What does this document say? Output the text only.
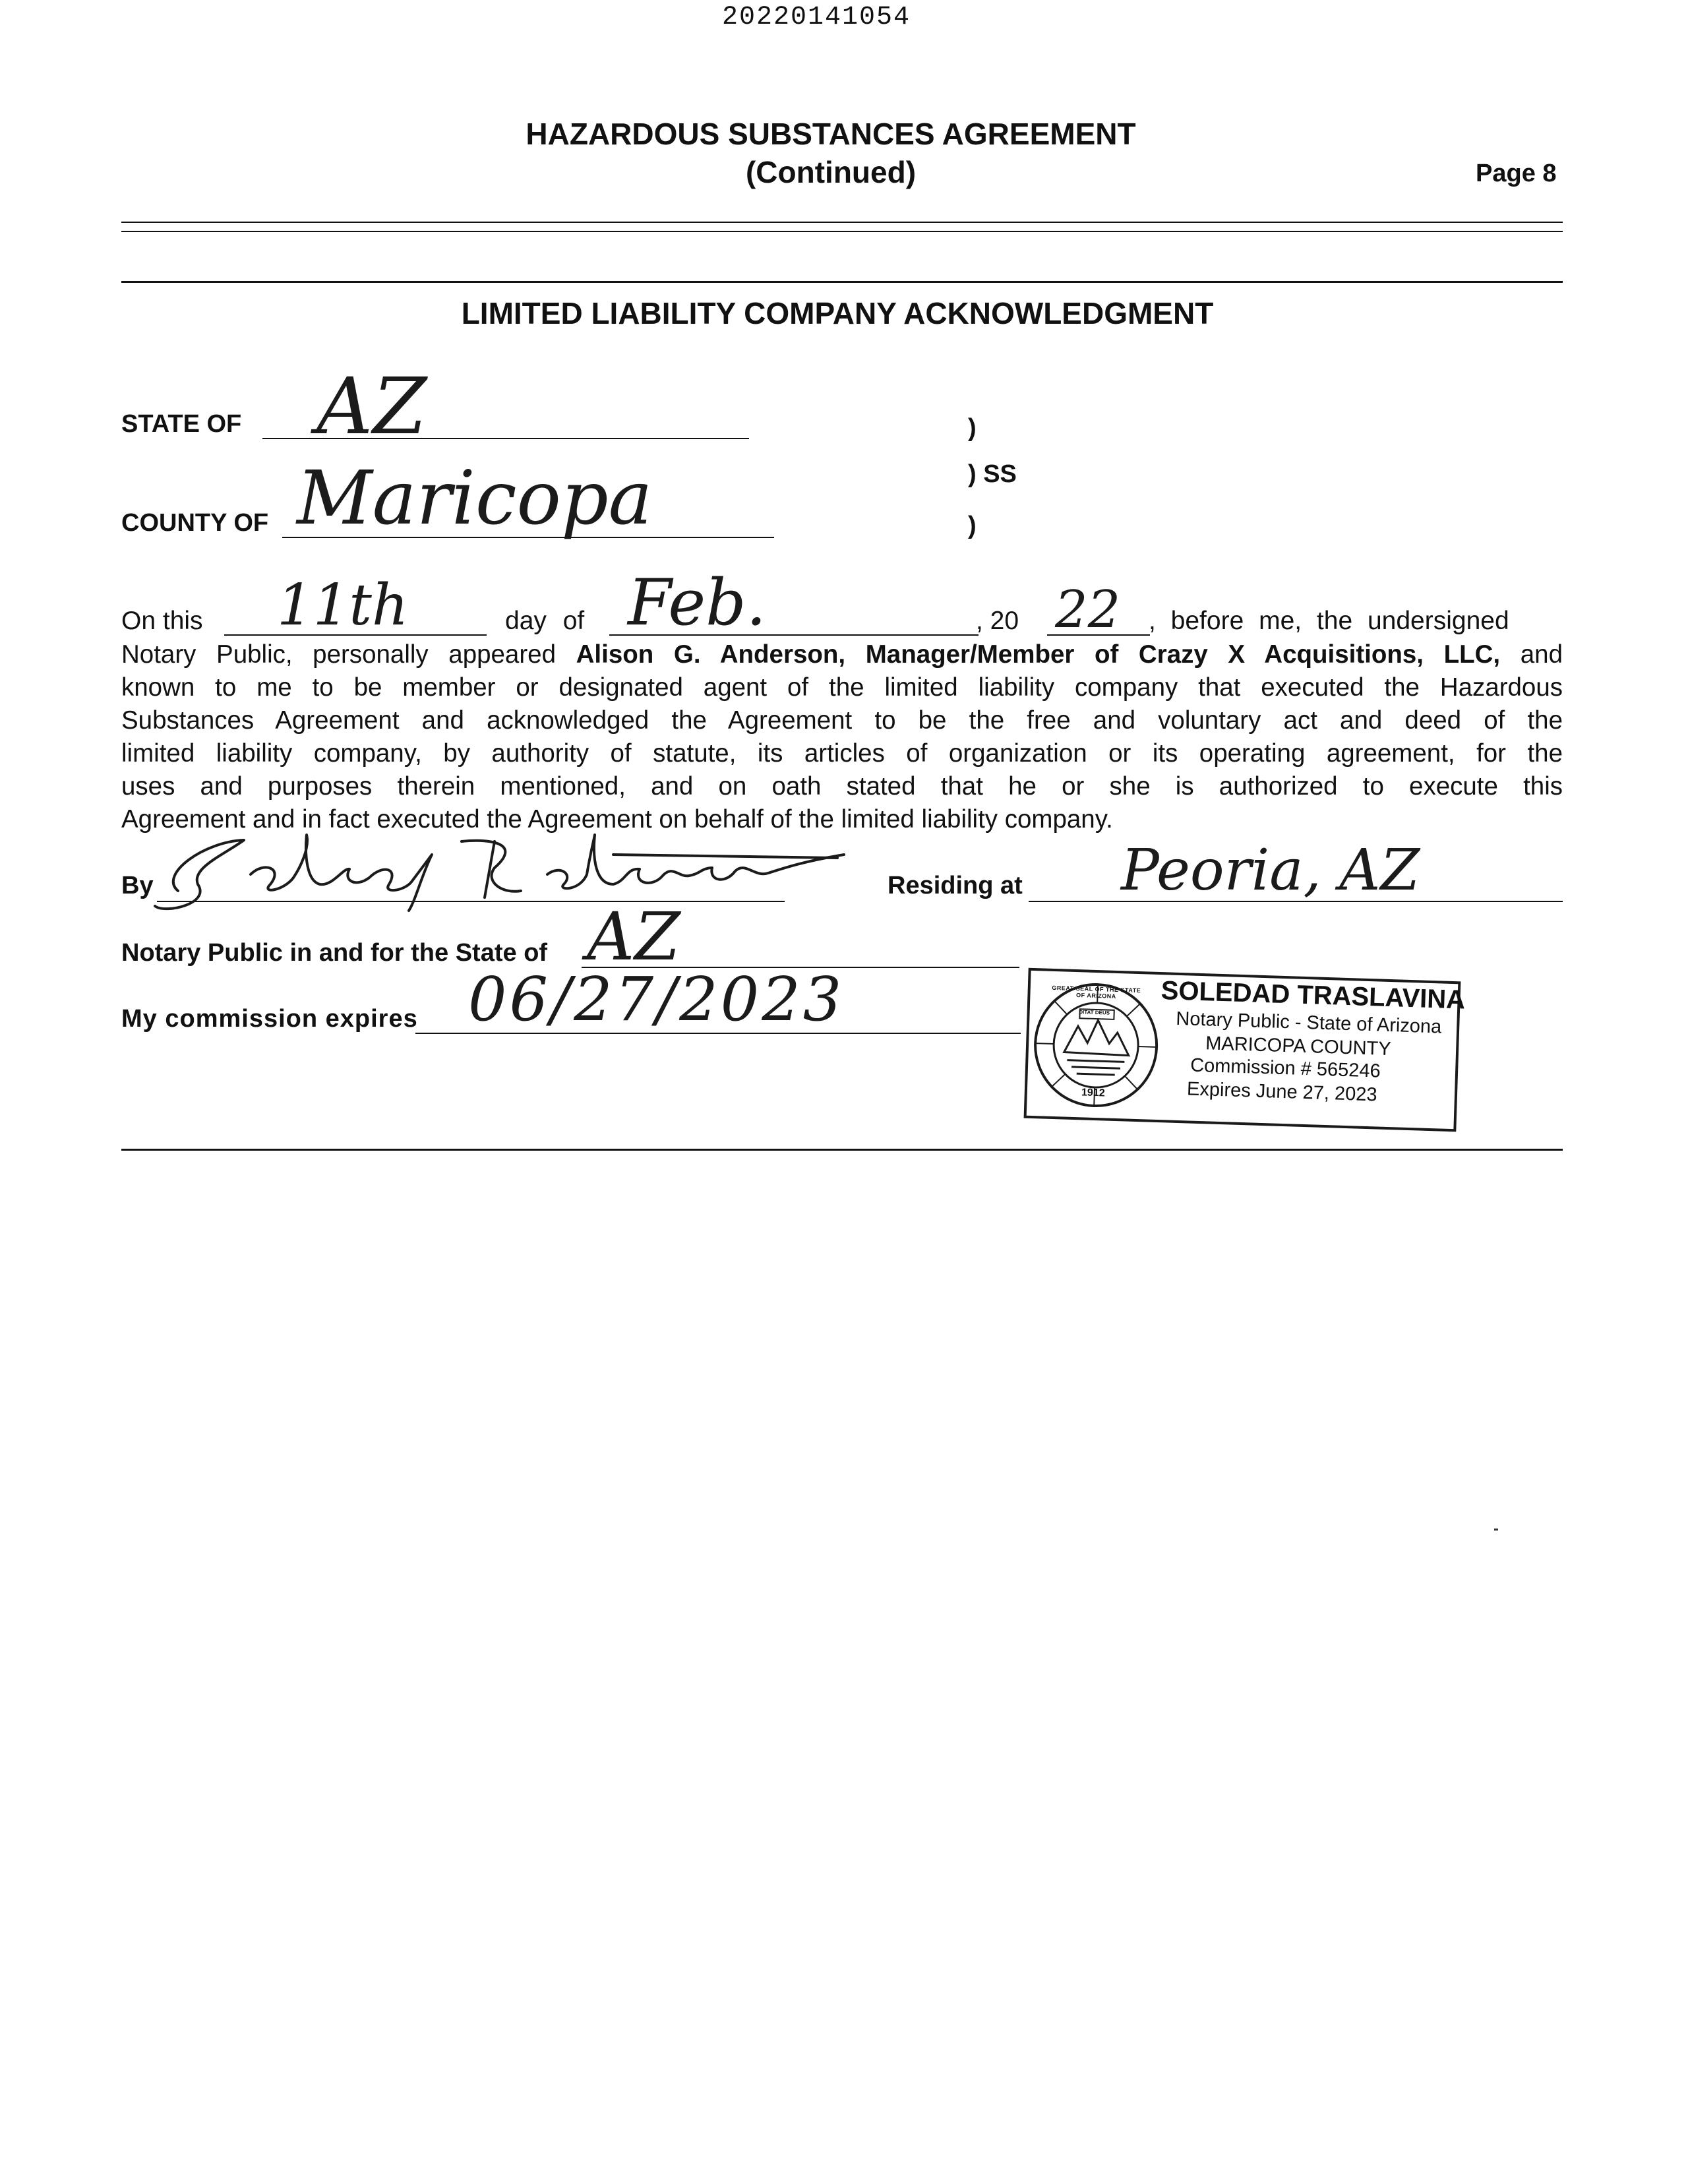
20220141054
HAZARDOUS SUBSTANCES AGREEMENT
(Continued)	Page 8
LIMITED LIABILITY COMPANY ACKNOWLEDGMENT
STATE OF AZ
COUNTY OF Maricopa
)
) SS
)
On this 11th	day of Feb.	, 20 22 , before me, the undersigned
Notary Public, personally appeared Alison G. Anderson, Manager/Member of Crazy X Acquisitions, LLC, and
known to me to be member or designated agent of the limited liability company that executed the Hazardous
Substances Agreement and acknowledged the Agreement to be the free and voluntary act and deed of the
limited liability company, by authority of statute, its articles of organization or its operating agreement, for the
uses and purposes therein mentioned, and on oath stated that he or she is authorized to execute this
Agreement and in fact executed the Agreement on behalf of the limited liability company.
By	Residing at Peoria, AZ
Notary Public in and for the State of AZ
My commission expires 06/27/2023	DITAT DEUS
1912
GREAT SEAL OF THE STATE OF ARIZONA	SOLEDAD TRASLAVINA
Notary Public - State of Arizona
MARICOPA COUNTY
Commission # 565246
Expires June 27, 2023
